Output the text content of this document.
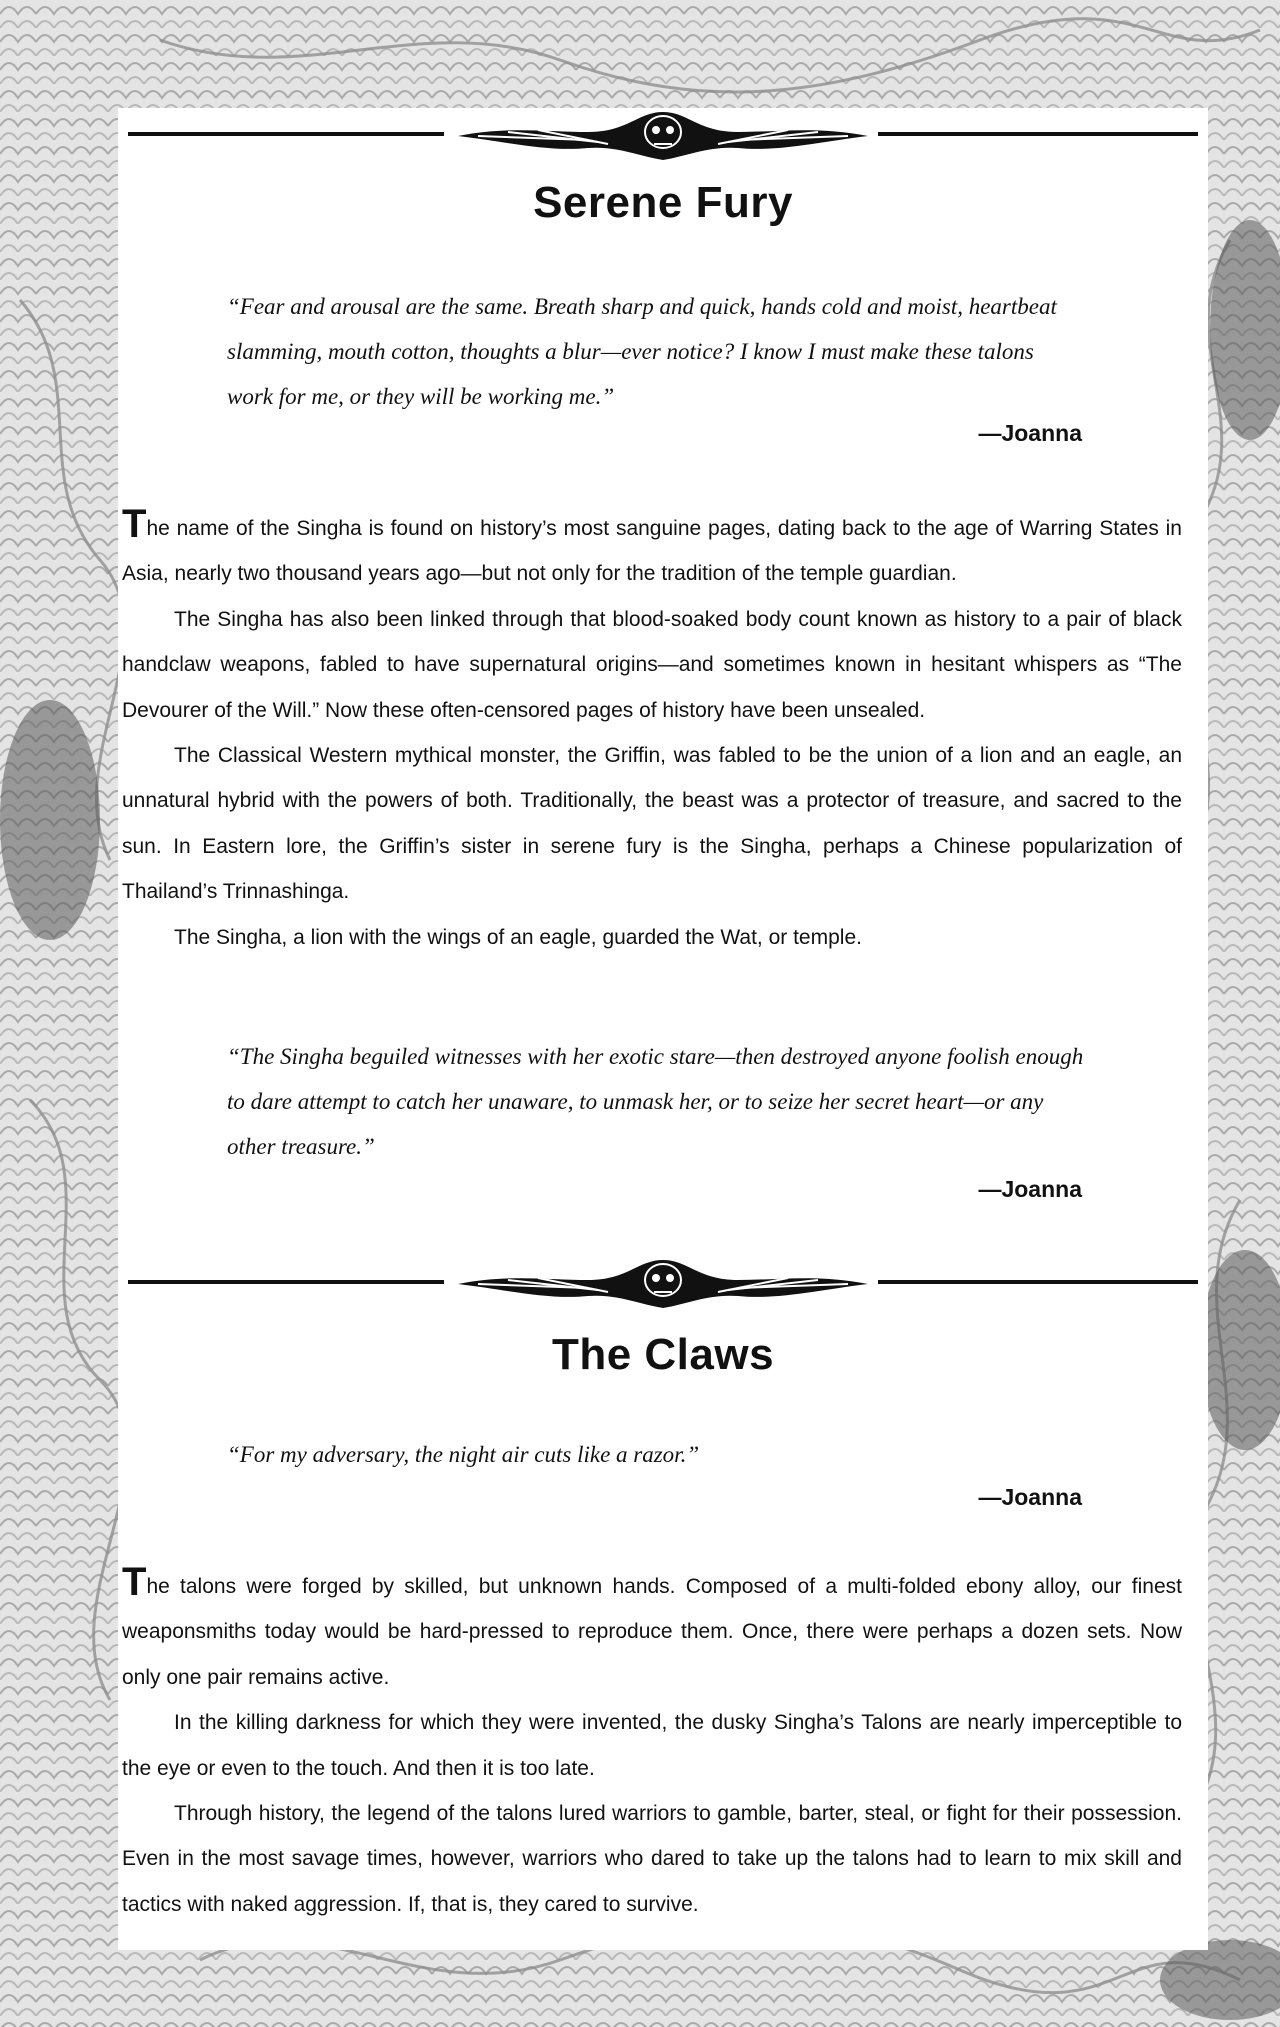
Serene Fury
“Fear and arousal are the same. Breath sharp and quick, hands cold and moist, heartbeat slamming, mouth cotton, thoughts a blur—ever notice? I know I must make these talons work for me, or they will be working me.”
—Joanna

The name of the Singha is found on history’s most sanguine pages, dating back to the age of Warring States in Asia, nearly two thousand years ago—but not only for the tradition of the temple guardian.

The Singha has also been linked through that blood-soaked body count known as history to a pair of black handclaw weapons, fabled to have supernatural origins—and sometimes known in hesitant whispers as “The Devourer of the Will.” Now these often-censored pages of history have been unsealed.

The Classical Western mythical monster, the Griffin, was fabled to be the union of a lion and an eagle, an unnatural hybrid with the powers of both. Traditionally, the beast was a protector of treasure, and sacred to the sun. In Eastern lore, the Griffin’s sister in serene fury is the Singha, perhaps a Chinese popularization of Thailand’s Trinnashinga.

The Singha, a lion with the wings of an eagle, guarded the Wat, or temple.

“The Singha beguiled witnesses with her exotic stare—then destroyed anyone foolish enough to dare attempt to catch her unaware, to unmask her, or to seize her secret heart—or any other treasure.”
—Joanna
The Claws
“For my adversary, the night air cuts like a razor.”
—Joanna

The talons were forged by skilled, but unknown hands. Composed of a multi-folded ebony alloy, our finest weaponsmiths today would be hard-pressed to reproduce them. Once, there were perhaps a dozen sets. Now only one pair remains active.

In the killing darkness for which they were invented, the dusky Singha’s Talons are nearly imperceptible to the eye or even to the touch. And then it is too late.

Through history, the legend of the talons lured warriors to gamble, barter, steal, or fight for their possession. Even in the most savage times, however, warriors who dared to take up the talons had to learn to mix skill and tactics with naked aggression. If, that is, they cared to survive.
